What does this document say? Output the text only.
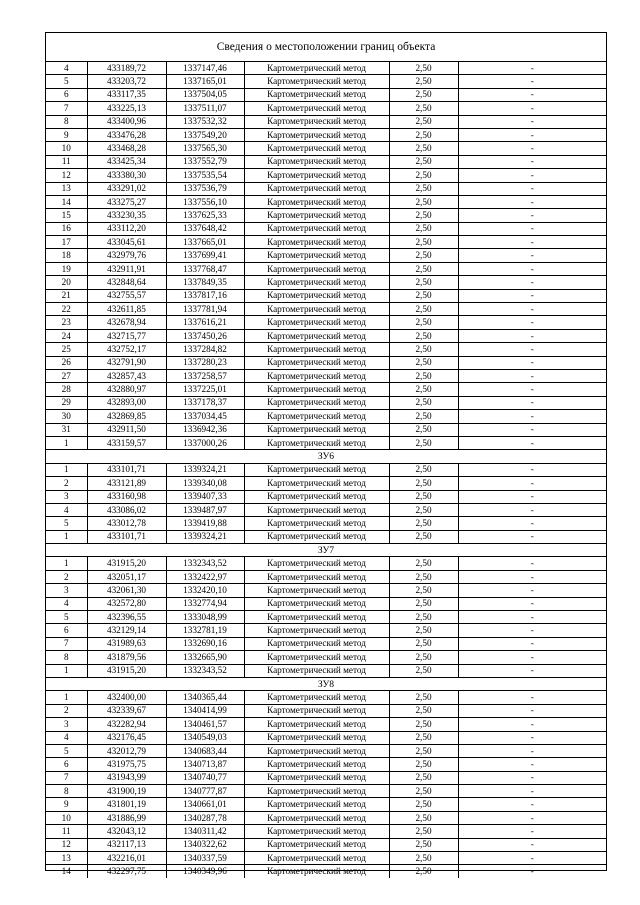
Сведения о местоположении границ объекта
4	433189,72	1337147,46	Картометрический метод	2,50	-
5	433203,72	1337165,01	Картометрический метод	2,50	-
6	433117,35	1337504,05	Картометрический метод	2,50	-
7	433225,13	1337511,07	Картометрический метод	2,50	-
8	433400,96	1337532,32	Картометрический метод	2,50	-
9	433476,28	1337549,20	Картометрический метод	2,50	-
10	433468,28	1337565,30	Картометрический метод	2,50	-
11	433425,34	1337552,79	Картометрический метод	2,50	-
12	433380,30	1337535,54	Картометрический метод	2,50	-
13	433291,02	1337536,79	Картометрический метод	2,50	-
14	433275,27	1337556,10	Картометрический метод	2,50	-
15	433230,35	1337625,33	Картометрический метод	2,50	-
16	433112,20	1337648,42	Картометрический метод	2,50	-
17	433045,61	1337665,01	Картометрический метод	2,50	-
18	432979,76	1337699,41	Картометрический метод	2,50	-
19	432911,91	1337768,47	Картометрический метод	2,50	-
20	432848,64	1337849,35	Картометрический метод	2,50	-
21	432755,57	1337817,16	Картометрический метод	2,50	-
22	432611,85	1337781,94	Картометрический метод	2,50	-
23	432678,94	1337616,21	Картометрический метод	2,50	-
24	432715,77	1337450,26	Картометрический метод	2,50	-
25	432752,17	1337284,82	Картометрический метод	2,50	-
26	432791,90	1337280,23	Картометрический метод	2,50	-
27	432857,43	1337258,57	Картометрический метод	2,50	-
28	432880,97	1337225,01	Картометрический метод	2,50	-
29	432893,00	1337178,37	Картометрический метод	2,50	-
30	432869,85	1337034,45	Картометрический метод	2,50	-
31	432911,50	1336942,36	Картометрический метод	2,50	-
1	433159,57	1337000,26	Картометрический метод	2,50	-
ЗУ6					
1	433101,71	1339324,21	Картометрический метод	2,50	-
2	433121,89	1339340,08	Картометрический метод	2,50	-
3	433160,98	1339407,33	Картометрический метод	2,50	-
4	433086,02	1339487,97	Картометрический метод	2,50	-
5	433012,78	1339419,88	Картометрический метод	2,50	-
1	433101,71	1339324,21	Картометрический метод	2,50	-
ЗУ7					
1	431915,20	1332343,52	Картометрический метод	2,50	-
2	432051,17	1332422,97	Картометрический метод	2,50	-
3	432061,30	1332420,10	Картометрический метод	2,50	-
4	432572,80	1332774,94	Картометрический метод	2,50	-
5	432396,55	1333048,99	Картометрический метод	2,50	-
6	432129,14	1332781,19	Картометрический метод	2,50	-
7	431989,63	1332690,16	Картометрический метод	2,50	-
8	431879,56	1332665,90	Картометрический метод	2,50	-
1	431915,20	1332343,52	Картометрический метод	2,50	-
ЗУ8					
1	432400,00	1340365,44	Картометрический метод	2,50	-
2	432339,67	1340414,99	Картометрический метод	2,50	-
3	432282,94	1340461,57	Картометрический метод	2,50	-
4	432176,45	1340549,03	Картометрический метод	2,50	-
5	432012,79	1340683,44	Картометрический метод	2,50	-
6	431975,75	1340713,87	Картометрический метод	2,50	-
7	431943,99	1340740,77	Картометрический метод	2,50	-
8	431900,19	1340777,87	Картометрический метод	2,50	-
9	431801,19	1340661,01	Картометрический метод	2,50	-
10	431886,99	1340287,78	Картометрический метод	2,50	-
11	432043,12	1340311,42	Картометрический метод	2,50	-
12	432117,13	1340322,62	Картометрический метод	2,50	-
13	432216,01	1340337,59	Картометрический метод	2,50	-
14	432297,75	1340349,96	Картометрический метод	2,50	-
